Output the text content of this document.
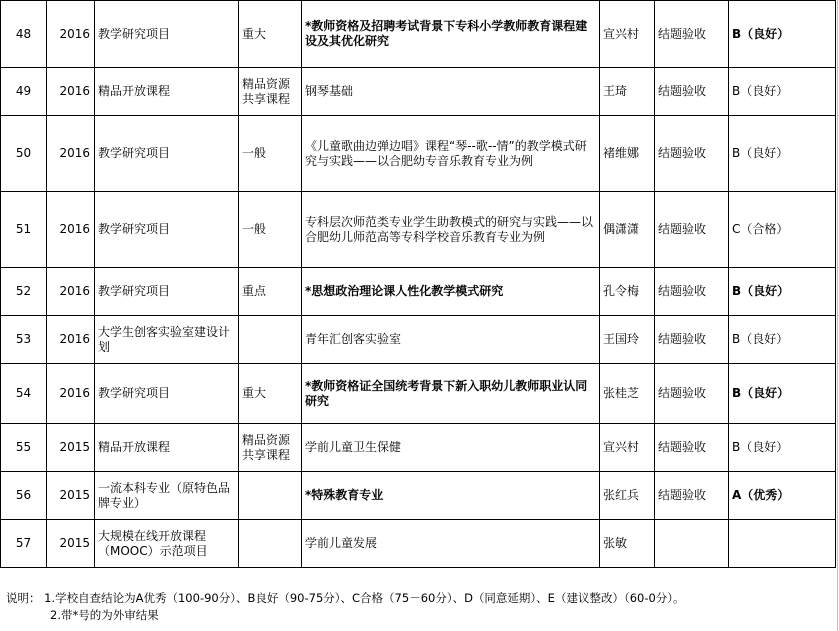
48	2016	教学研究项目	重大	*教师资格及招聘考试背景下专科小学教师教育课程建设及其优化研究	宣兴村	结题验收	B（良好）
49	2016	精品开放课程	精品资源共享课程	钢琴基础	王琦	结题验收	B（良好）
50	2016	教学研究项目	一般	《儿童歌曲边弹边唱》课程“琴--歌--情”的教学模式研究与实践——以合肥幼专音乐教育专业为例	褚维娜	结题验收	B（良好）
51	2016	教学研究项目	一般	专科层次师范类专业学生助教模式的研究与实践——以合肥幼儿师范高等专科学校音乐教育专业为例	偶潇潇	结题验收	C（合格）
52	2016	教学研究项目	重点	*思想政治理论课人性化教学模式研究	孔令梅	结题验收	B（良好）
53	2016	大学生创客实验室建设计划		青年汇创客实验室	王国玲	结题验收	B（良好）
54	2016	教学研究项目	重大	*教师资格证全国统考背景下新入职幼儿教师职业认同研究	张桂芝	结题验收	B（良好）
55	2015	精品开放课程	精品资源共享课程	学前儿童卫生保健	宣兴村	结题验收	B（良好）
56	2015	一流本科专业（原特色品牌专业）		*特殊教育专业	张红兵	结题验收	A（优秀）
57	2015	大规模在线开放课程（MOOC）示范项目		学前儿童发展	张敏		
说明： 1.学校自查结论为A优秀（100-90分）、B良好（90-75分）、C合格（75－60分）、D（同意延期）、E（建议整改）（60-0分）。
2.带*号的为外审结果
